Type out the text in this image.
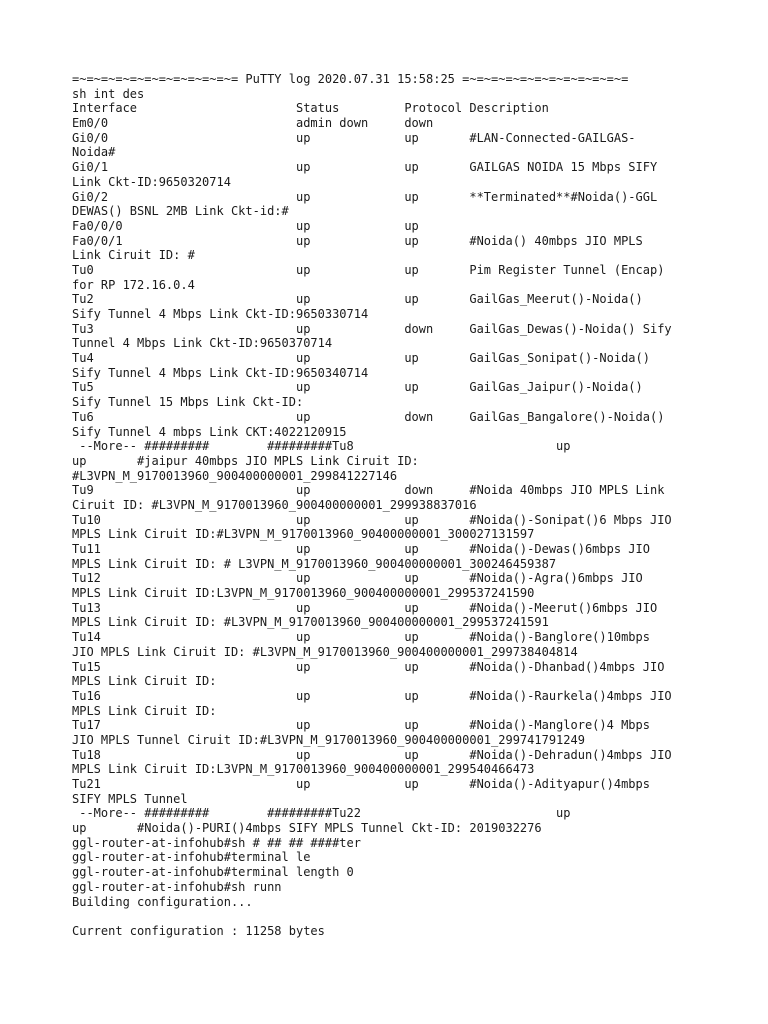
=~=~=~=~=~=~=~=~=~=~=~= PuTTY log 2020.07.31 15:58:25 =~=~=~=~=~=~=~=~=~=~=~=
sh int des
Interface                      Status         Protocol Description
Em0/0                          admin down     down
Gi0/0                          up             up       #LAN-Connected-GAILGAS-
Noida#
Gi0/1                          up             up       GAILGAS NOIDA 15 Mbps SIFY
Link Ckt-ID:9650320714
Gi0/2                          up             up       **Terminated**#Noida()-GGL
DEWAS() BSNL 2MB Link Ckt-id:#
Fa0/0/0                        up             up
Fa0/0/1                        up             up       #Noida() 40mbps JIO MPLS
Link Ciruit ID: #
Tu0                            up             up       Pim Register Tunnel (Encap)
for RP 172.16.0.4
Tu2                            up             up       GailGas_Meerut()-Noida()
Sify Tunnel 4 Mbps Link Ckt-ID:9650330714
Tu3                            up             down     GailGas_Dewas()-Noida() Sify
Tunnel 4 Mbps Link Ckt-ID:9650370714
Tu4                            up             up       GailGas_Sonipat()-Noida()
Sify Tunnel 4 Mbps Link Ckt-ID:9650340714
Tu5                            up             up       GailGas_Jaipur()-Noida()
Sify Tunnel 15 Mbps Link Ckt-ID:
Tu6                            up             down     GailGas_Bangalore()-Noida()
Sify Tunnel 4 mbps Link CKT:4022120915
--More-- #########        #########Tu8                            up
up       #jaipur 40mbps JIO MPLS Link Ciruit ID:
#L3VPN_M_9170013960_900400000001_299841227146
Tu9                            up             down     #Noida 40mbps JIO MPLS Link
Ciruit ID: #L3VPN_M_9170013960_900400000001_299938837016
Tu10                           up             up       #Noida()-Sonipat()6 Mbps JIO
MPLS Link Ciruit ID:#L3VPN_M_9170013960_90400000001_300027131597
Tu11                           up             up       #Noida()-Dewas()6mbps JIO
MPLS Link Ciruit ID: # L3VPN_M_9170013960_900400000001_300246459387
Tu12                           up             up       #Noida()-Agra()6mbps JIO
MPLS Link Ciruit ID:L3VPN_M_9170013960_900400000001_299537241590
Tu13                           up             up       #Noida()-Meerut()6mbps JIO
MPLS Link Ciruit ID: #L3VPN_M_9170013960_900400000001_299537241591
Tu14                           up             up       #Noida()-Banglore()10mbps
JIO MPLS Link Ciruit ID: #L3VPN_M_9170013960_900400000001_299738404814
Tu15                           up             up       #Noida()-Dhanbad()4mbps JIO
MPLS Link Ciruit ID:
Tu16                           up             up       #Noida()-Raurkela()4mbps JIO
MPLS Link Ciruit ID:
Tu17                           up             up       #Noida()-Manglore()4 Mbps
JIO MPLS Tunnel Ciruit ID:#L3VPN_M_9170013960_900400000001_299741791249
Tu18                           up             up       #Noida()-Dehradun()4mbps JIO
MPLS Link Ciruit ID:L3VPN_M_9170013960_900400000001_299540466473
Tu21                           up             up       #Noida()-Adityapur()4mbps
SIFY MPLS Tunnel
--More-- #########        #########Tu22                           up
up       #Noida()-PURI()4mbps SIFY MPLS Tunnel Ckt-ID: 2019032276
ggl-router-at-infohub#sh # ## ## ####ter
ggl-router-at-infohub#terminal le
ggl-router-at-infohub#terminal length 0
ggl-router-at-infohub#sh runn
Building configuration...
Current configuration : 11258 bytes
